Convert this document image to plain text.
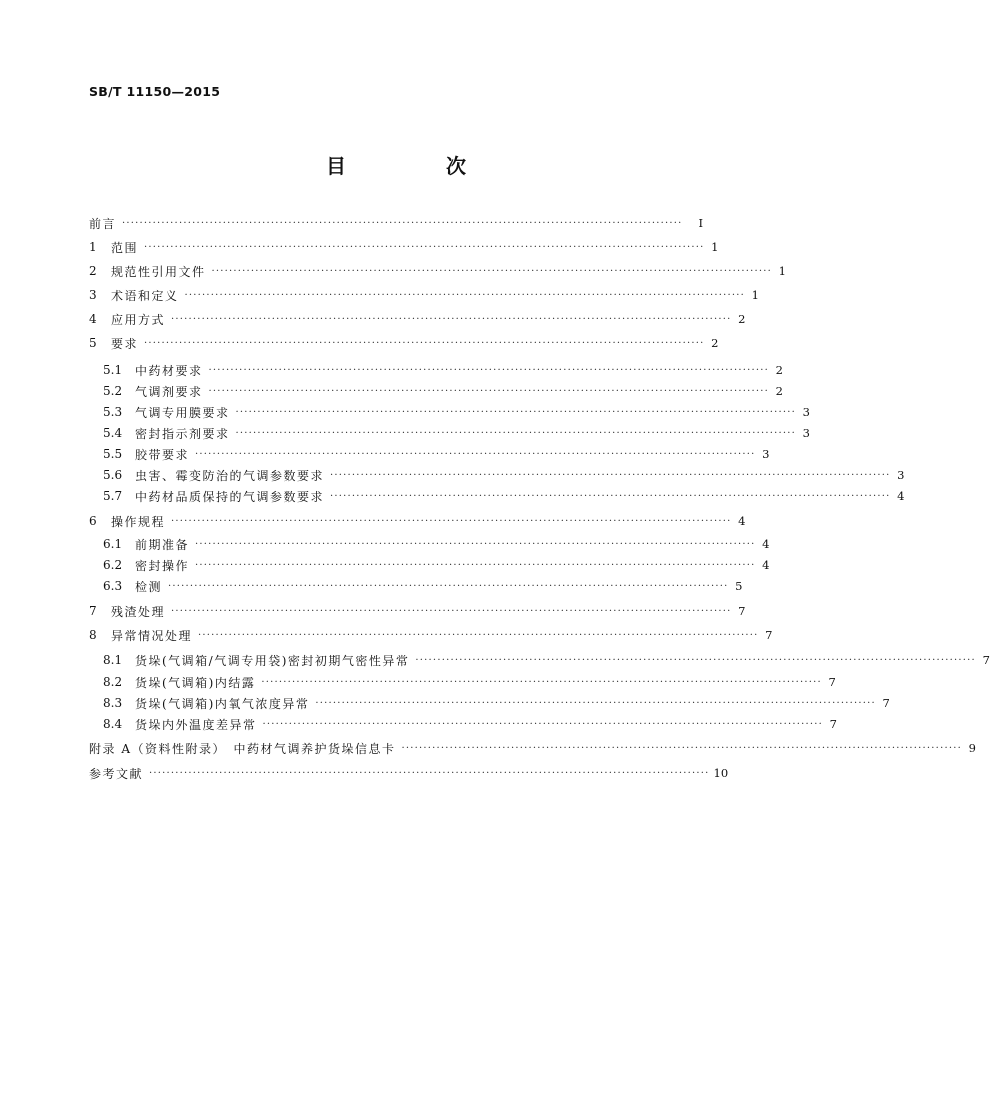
SB/T 11150—2015
目　次
前言 ································································································································	Ⅰ
1	范围 ································································································································ 1
2	规范性引用文件 ································································································································ 1
3	术语和定义 ································································································································ 1
4	应用方式 ································································································································ 2
5	要求 ································································································································ 2
5.1	中药材要求 ································································································································ 2
5.2	气调剂要求 ································································································································ 2
5.3	气调专用膜要求 ································································································································ 3
5.4	密封指示剂要求 ································································································································ 3
5.5	胶带要求 ································································································································ 3
5.6	虫害、霉变防治的气调参数要求 ································································································································ 3
5.7	中药材品质保持的气调参数要求 ································································································································ 4
6	操作规程 ································································································································ 4
6.1	前期准备 ································································································································ 4
6.2	密封操作 ································································································································ 4
6.3	检测 ································································································································ 5
7	残渣处理 ································································································································ 7
8	异常情况处理 ································································································································ 7
8.1	货垛(气调箱/气调专用袋)密封初期气密性异常 ································································································································ 7
8.2	货垛(气调箱)内结露 ································································································································ 7
8.3	货垛(气调箱)内氧气浓度异常 ································································································································ 7
8.4	货垛内外温度差异常 ································································································································ 7
附录 A（资料性附录）　中药材气调养护货垛信息卡 ································································································································ 9
参考文献 ································································································································ 10
